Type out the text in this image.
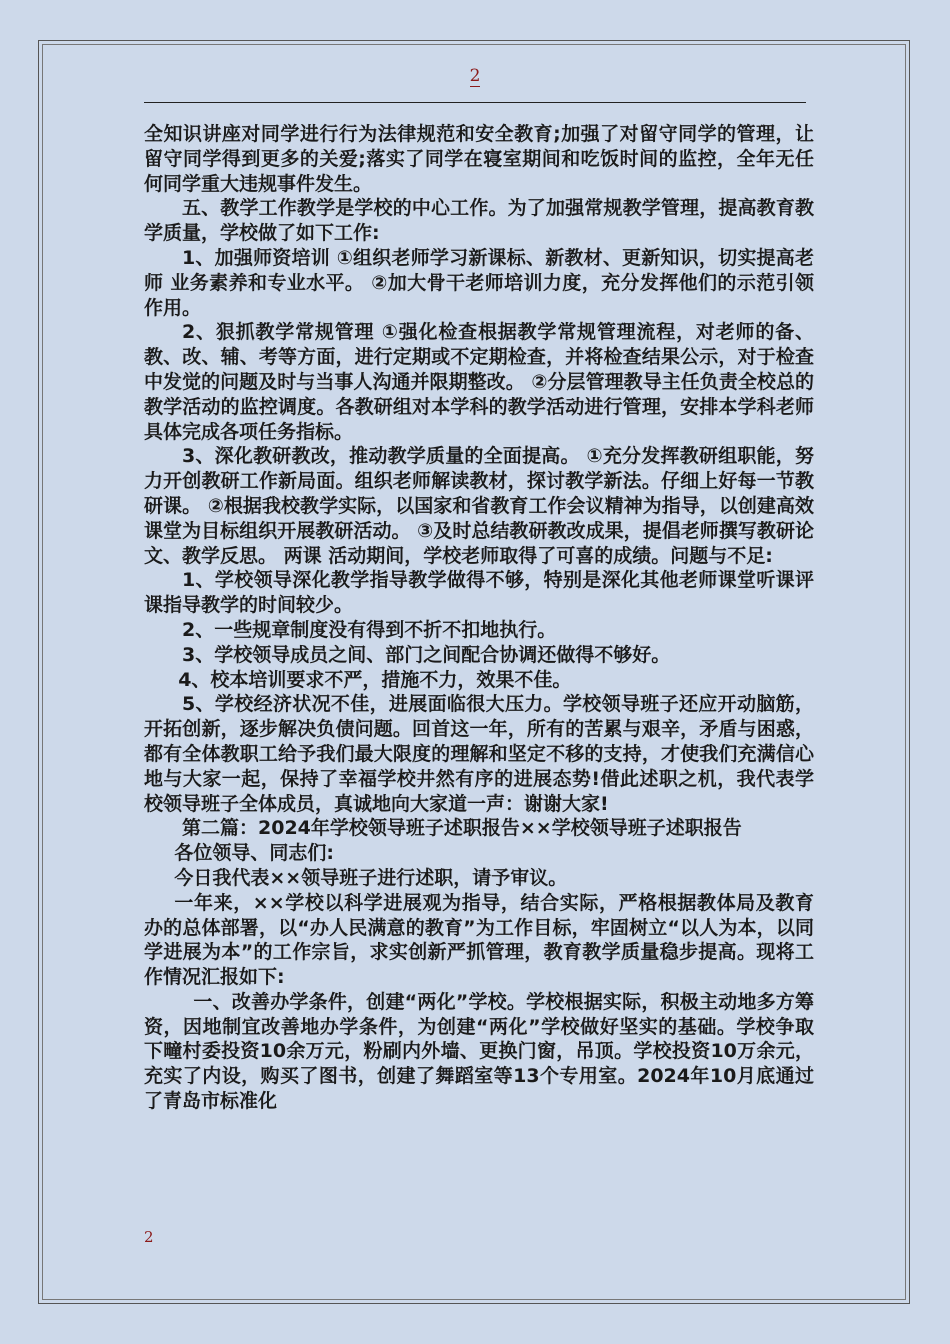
2

全知识讲座对同学进行行为法律规范和安全教育;加强了对留守同学的管理，让留守同学得到更多的关爱;落实了同学在寝室期间和吃饭时间的监控，全年无任何同学重大违规事件发生。

五、教学工作教学是学校的中心工作。为了加强常规教学管理，提高教育教学质量，学校做了如下工作:

1、加强师资培训 ①组织老师学习新课标、新教材、更新知识，切实提高老师 业务素养和专业水平。 ②加大骨干老师培训力度，充分发挥他们的示范引领作用。

2、狠抓教学常规管理 ①强化检查根据教学常规管理流程，对老师的备、教、改、辅、考等方面，进行定期或不定期检查，并将检查结果公示，对于检查中发觉的问题及时与当事人沟通并限期整改。 ②分层管理教导主任负责全校总的教学活动的监控调度。各教研组对本学科的教学活动进行管理，安排本学科老师具体完成各项任务指标。

3、深化教研教改，推动教学质量的全面提高。 ①充分发挥教研组职能，努力开创教研工作新局面。组织老师解读教材，探讨教学新法。仔细上好每一节教研课。 ②根据我校教学实际，以国家和省教育工作会议精神为指导，以创建高效课堂为目标组织开展教研活动。 ③及时总结教研教改成果，提倡老师撰写教研论文、教学反思。 两课 活动期间，学校老师取得了可喜的成绩。问题与不足:

1、学校领导深化教学指导教学做得不够，特别是深化其他老师课堂听课评课指导教学的时间较少。

2、一些规章制度没有得到不折不扣地执行。

3、学校领导成员之间、部门之间配合协调还做得不够好。

4、校本培训要求不严，措施不力，效果不佳。

5、学校经济状况不佳，进展面临很大压力。学校领导班子还应开动脑筋，开拓创新，逐步解决负债问题。回首这一年，所有的苦累与艰辛，矛盾与困惑，都有全体教职工给予我们最大限度的理解和坚定不移的支持，才使我们充满信心地与大家一起，保持了幸福学校井然有序的进展态势!借此述职之机，我代表学校领导班子全体成员，真诚地向大家道一声：谢谢大家!

第二篇：2024年学校领导班子述职报告××学校领导班子述职报告

各位领导、同志们:

今日我代表××领导班子进行述职，请予审议。

一年来，××学校以科学进展观为指导，结合实际，严格根据教体局及教育办的总体部署，以“办人民满意的教育”为工作目标，牢固树立“以人为本，以同学进展为本”的工作宗旨，求实创新严抓管理，教育教学质量稳步提高。现将工作情况汇报如下:

一、改善办学条件，创建“两化”学校。学校根据实际，积极主动地多方筹资，因地制宜改善地办学条件，为创建“两化”学校做好坚实的基础。学校争取下疃村委投资10余万元，粉刷内外墙、更换门窗，吊顶。学校投资10万余元，充实了内设，购买了图书，创建了舞蹈室等13个专用室。2024年10月底通过了青岛市标准化

2
